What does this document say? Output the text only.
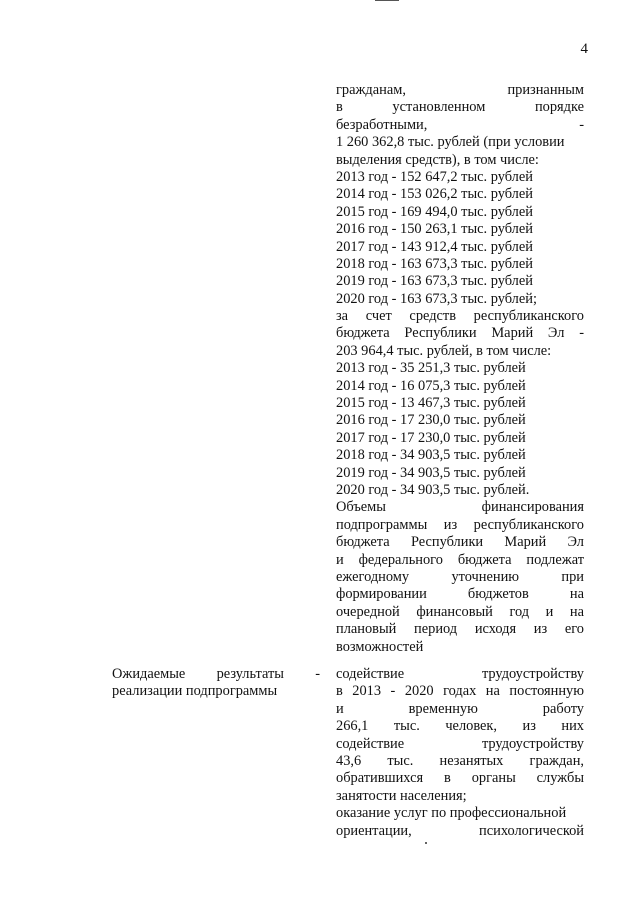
4
гражданам, признанным
в установленном порядке
безработными, -
1 260 362,8 тыс. рублей (при условии
выделения средств), в том числе:
2013 год - 152 647,2 тыс. рублей
2014 год - 153 026,2 тыс. рублей
2015 год - 169 494,0 тыс. рублей
2016 год - 150 263,1 тыс. рублей
2017 год - 143 912,4 тыс. рублей
2018 год - 163 673,3 тыс. рублей
2019 год - 163 673,3 тыс. рублей
2020 год - 163 673,3 тыс. рублей;
за счет средств республиканского
бюджета Республики Марий Эл -
203 964,4 тыс. рублей, в том числе:
2013 год - 35 251,3 тыс. рублей
2014 год - 16 075,3 тыс. рублей
2015 год - 13 467,3 тыс. рублей
2016 год - 17 230,0 тыс. рублей
2017 год - 17 230,0 тыс. рублей
2018 год - 34 903,5 тыс. рублей
2019 год - 34 903,5 тыс. рублей
2020 год - 34 903,5 тыс. рублей.
Объемы финансирования
подпрограммы из республиканского
бюджета Республики Марий Эл
и федерального бюджета подлежат
ежегодному уточнению при
формировании бюджетов на
очередной финансовый год и на
плановый период исходя из его
возможностей
Ожидаемые результаты -
реализации подпрограммы
содействие трудоустройству
в 2013 - 2020 годах на постоянную
и временную работу
266,1 тыс. человек, из них
содействие трудоустройству
43,6 тыс. незанятых граждан,
обратившихся в органы службы
занятости населения;
оказание услуг по профессиональной
ориентации, психологической
